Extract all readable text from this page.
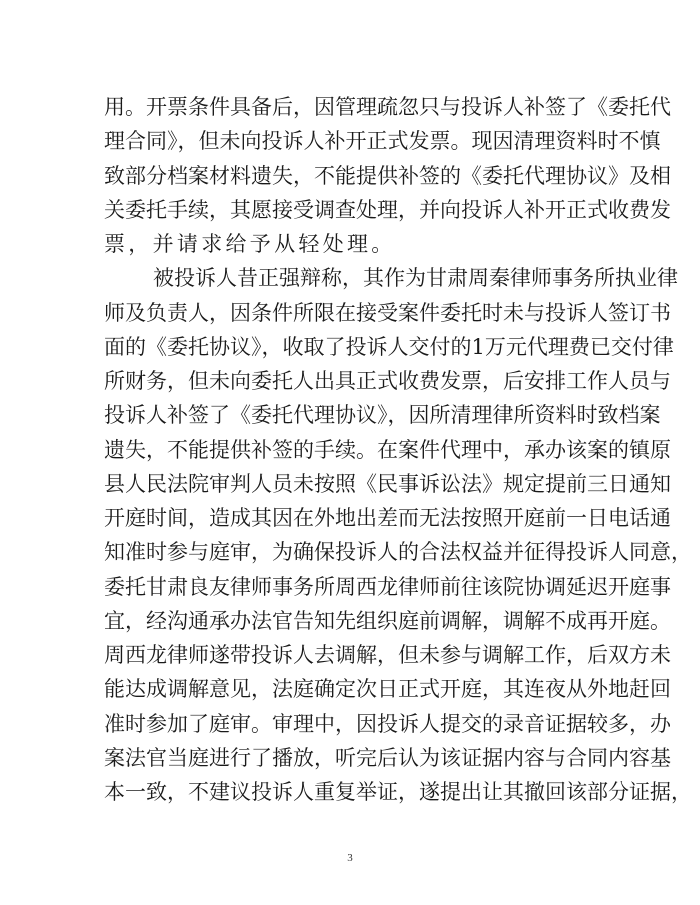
用。开票条件具备后，因管理疏忽只与投诉人补签了《委托代
理合同》，但未向投诉人补开正式发票。现因清理资料时不慎
致部分档案材料遗失，不能提供补签的《委托代理协议》及相
关委托手续，其愿接受调查处理，并向投诉人补开正式收费发
票，并请求给予从轻处理。
被投诉人昔正强辩称，其作为甘肃周秦律师事务所执业律
师及负责人，因条件所限在接受案件委托时未与投诉人签订书
面的《委托协议》，收取了投诉人交付的1万元代理费已交付律
所财务，但未向委托人出具正式收费发票，后安排工作人员与
投诉人补签了《委托代理协议》，因所清理律所资料时致档案
遗失，不能提供补签的手续。在案件代理中，承办该案的镇原
县人民法院审判人员未按照《民事诉讼法》规定提前三日通知
开庭时间，造成其因在外地出差而无法按照开庭前一日电话通
知准时参与庭审，为确保投诉人的合法权益并征得投诉人同意，
委托甘肃良友律师事务所周西龙律师前往该院协调延迟开庭事
宜，经沟通承办法官告知先组织庭前调解，调解不成再开庭。
周西龙律师遂带投诉人去调解，但未参与调解工作，后双方未
能达成调解意见，法庭确定次日正式开庭，其连夜从外地赶回
准时参加了庭审。审理中，因投诉人提交的录音证据较多，办
案法官当庭进行了播放，听完后认为该证据内容与合同内容基
本一致，不建议投诉人重复举证，遂提出让其撤回该部分证据，
3
